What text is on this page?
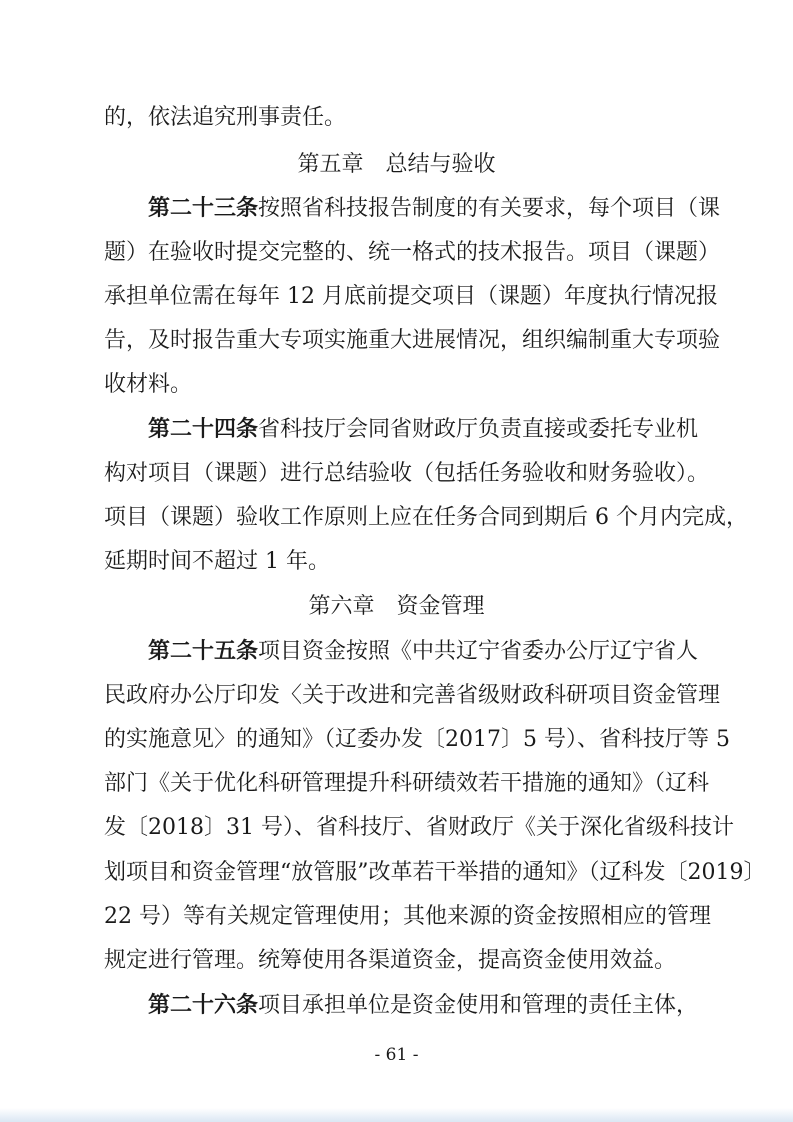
的，依法追究刑事责任。
第五章　总结与验收
第二十三条按照省科技报告制度的有关要求，每个项目（课
题）在验收时提交完整的、统一格式的技术报告。项目（课题）
承担单位需在每年 12 月底前提交项目（课题）年度执行情况报
告，及时报告重大专项实施重大进展情况，组织编制重大专项验
收材料。
第二十四条省科技厅会同省财政厅负责直接或委托专业机
构对项目（课题）进行总结验收（包括任务验收和财务验收）。
项目（课题）验收工作原则上应在任务合同到期后 6 个月内完成，
延期时间不超过 1 年。
第六章　资金管理
第二十五条项目资金按照《中共辽宁省委办公厅辽宁省人
民政府办公厅印发〈关于改进和完善省级财政科研项目资金管理
的实施意见〉的通知》（辽委办发〔2017〕5 号）、省科技厅等 5
部门《关于优化科研管理提升科研绩效若干措施的通知》（辽科
发〔2018〕31 号）、省科技厅、省财政厅《关于深化省级科技计
划项目和资金管理“放管服”改革若干举措的通知》（辽科发〔2019〕
22 号）等有关规定管理使用；其他来源的资金按照相应的管理
规定进行管理。统筹使用各渠道资金，提高资金使用效益。
第二十六条项目承担单位是资金使用和管理的责任主体，
- 61 -
